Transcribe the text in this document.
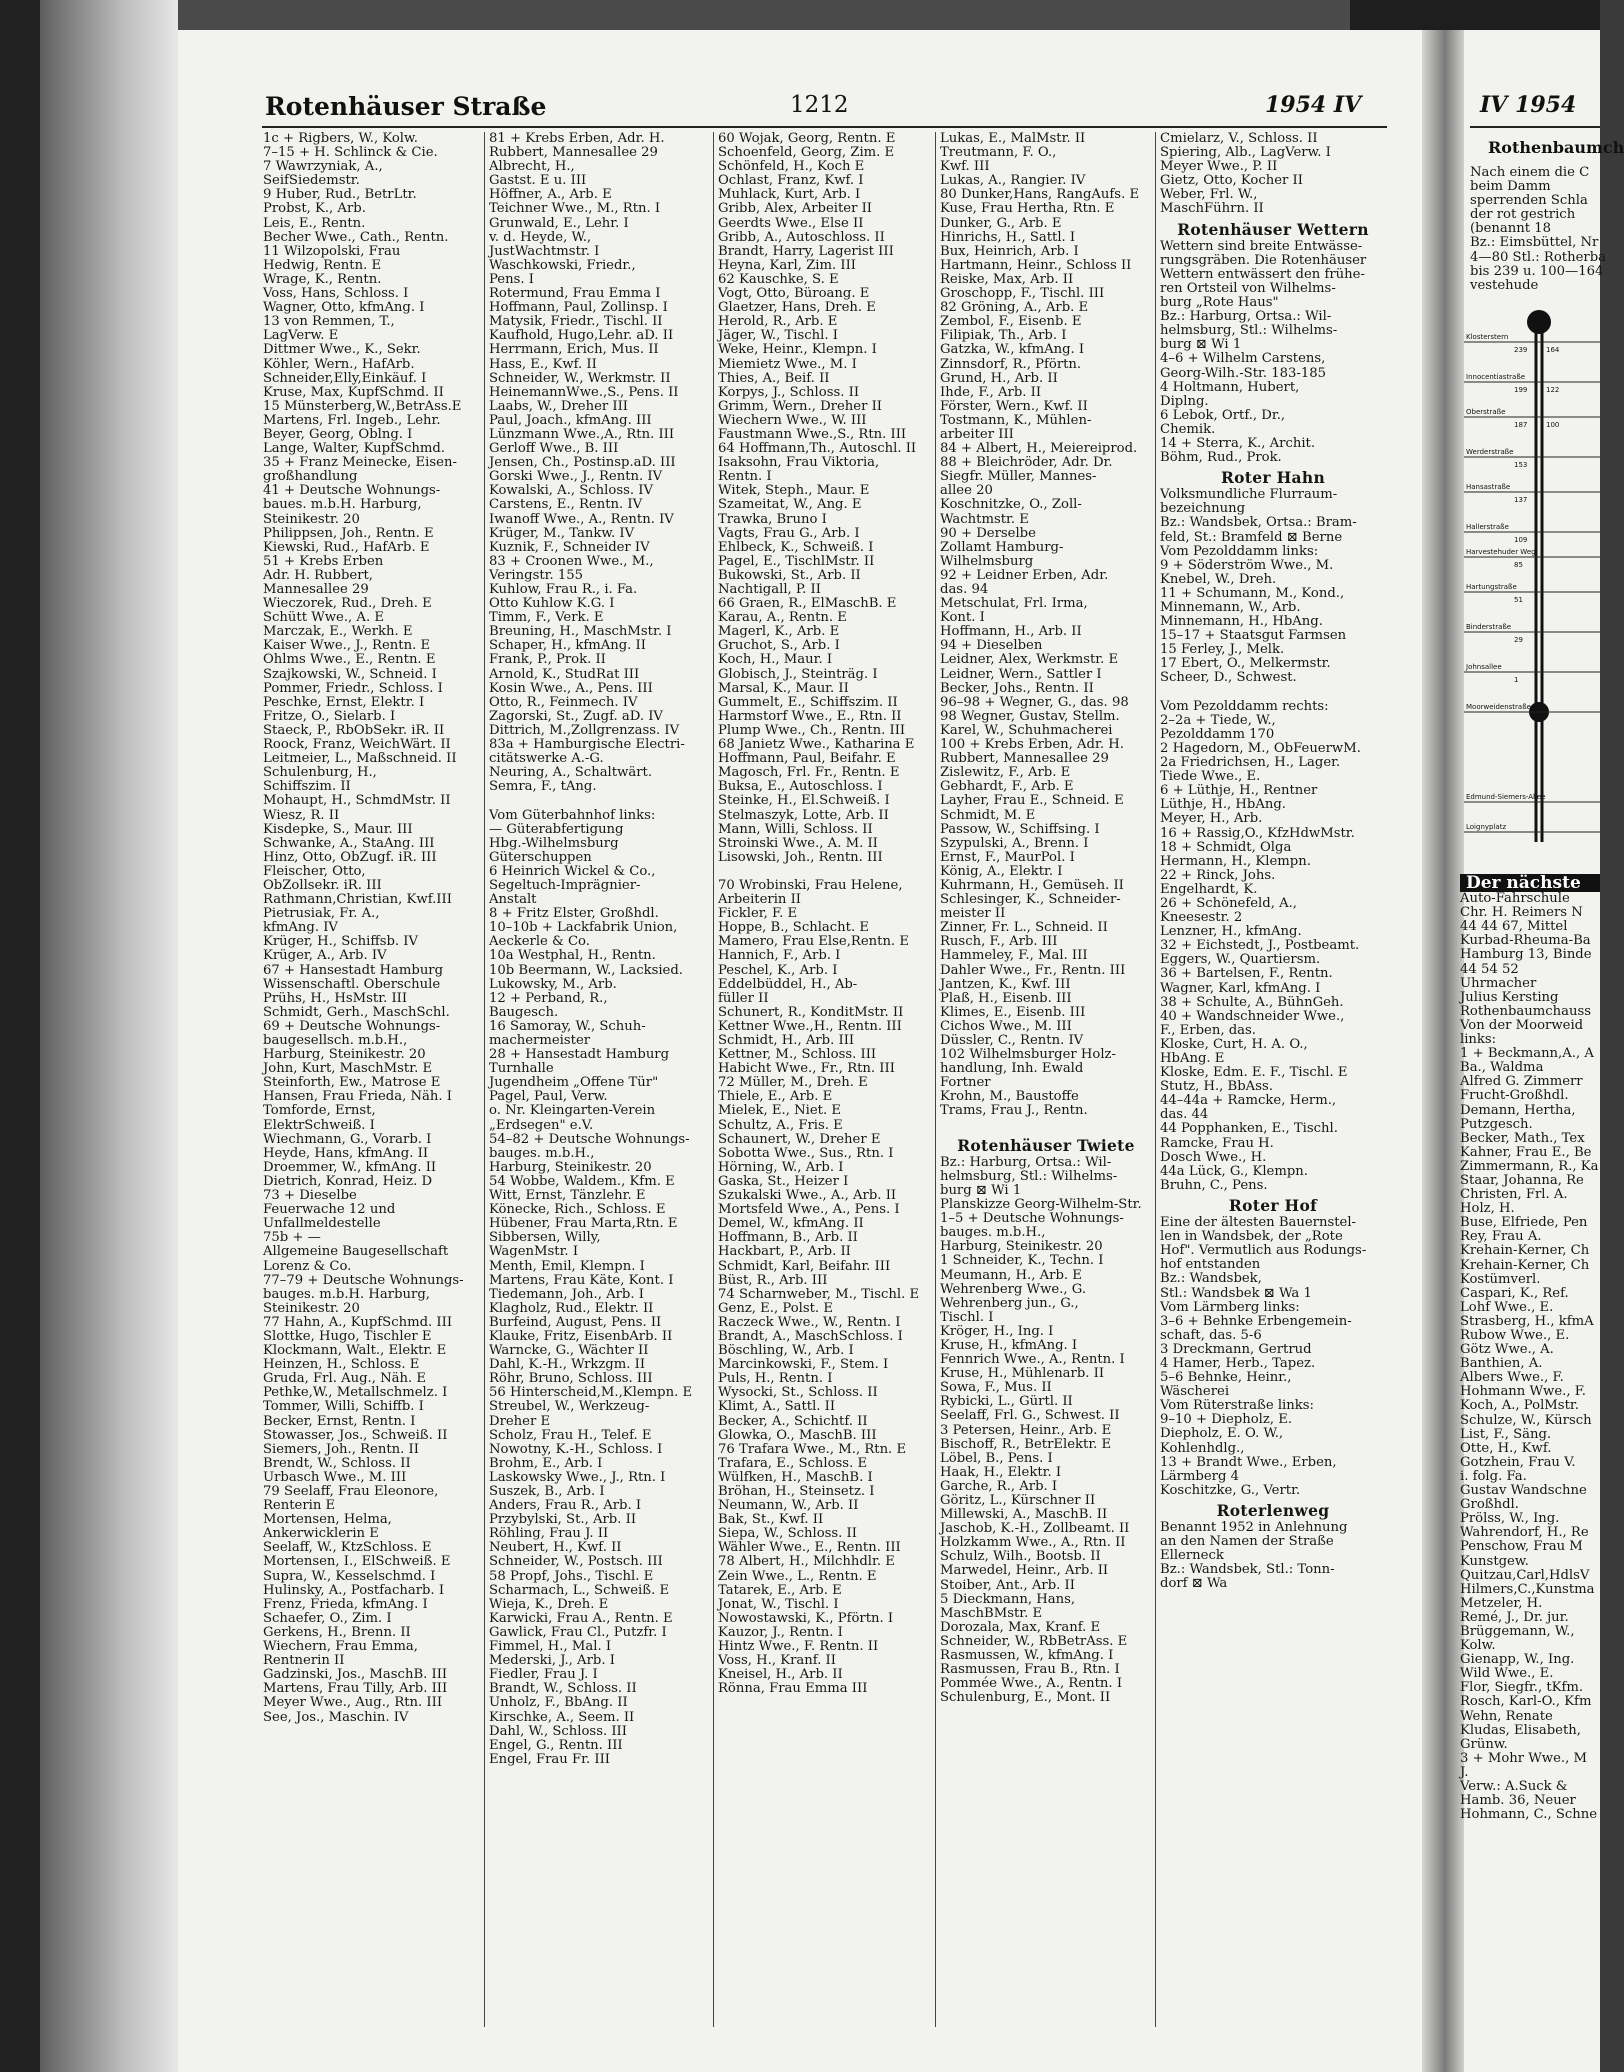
Rotenhäuser Straße	1212	1954 IV	IV 1954
Rothenbaumch
1c + Rigbers, W., Kolw.
7–15 + H. Schlinck & Cie.
7 Wawrzyniak, A.,
SeifSiedemstr.
9 Huber, Rud., BetrLtr.
Probst, K., Arb.
Leis, E., Rentn.
Becher Wwe., Cath., Rentn.
11 Wilzopolski, Frau
Hedwig, Rentn. E
Wrage, K., Rentn.
Voss, Hans, Schloss. I
Wagner, Otto, kfmAng. I
13 von Remmen, T.,
LagVerw. E
Dittmer Wwe., K., Sekr.
Köhler, Wern., HafArb.
Schneider,Elly,Einkäuf. I
Kruse, Max, KupfSchmd. II
15 Münsterberg,W.,BetrAss.E
Martens, Frl. Ingeb., Lehr.
Beyer, Georg, Oblng. I
Lange, Walter, KupfSchmd.
35 + Franz Meinecke, Eisen-
großhandlung
41 + Deutsche Wohnungs-
baues. m.b.H. Harburg,
Steinikestr. 20
Philippsen, Joh., Rentn. E
Kiewski, Rud., HafArb. E
51 + Krebs Erben
Adr. H. Rubbert,
Mannesallee 29
Wieczorek, Rud., Dreh. E
Schütt Wwe., A. E
Marczak, E., Werkh. E
Kaiser Wwe., J., Rentn. E
Ohlms Wwe., E., Rentn. E
Szajkowski, W., Schneid. I
Pommer, Friedr., Schloss. I
Peschke, Ernst, Elektr. I
Fritze, O., Sielarb. I
Staeck, P., RbObSekr. iR. II
Roock, Franz, WeichWärt. II
Leitmeier, L., Maßschneid. II
Schulenburg, H.,
Schiffszim. II
Mohaupt, H., SchmdMstr. II
Wiesz, R. II
Kisdepke, S., Maur. III
Schwanke, A., StaAng. III
Hinz, Otto, ObZugf. iR. III
Fleischer, Otto,
ObZollsekr. iR. III
Rathmann,Christian, Kwf.III
Pietrusiak, Fr. A.,
kfmAng. IV
Krüger, H., Schiffsb. IV
Krüger, A., Arb. IV
67 + Hansestadt Hamburg
Wissenschaftl. Oberschule
Prühs, H., HsMstr. III
Schmidt, Gerh., MaschSchl.
69 + Deutsche Wohnungs-
baugesellsch. m.b.H.,
Harburg, Steinikestr. 20
John, Kurt, MaschMstr. E
Steinforth, Ew., Matrose E
Hansen, Frau Frieda, Näh. I
Tomforde, Ernst,
ElektrSchweiß. I
Wiechmann, G., Vorarb. I
Heyde, Hans, kfmAng. II
Droemmer, W., kfmAng. II
Dietrich, Konrad, Heiz. D
73 + Dieselbe
Feuerwache 12 und
Unfallmeldestelle
75b + —
Allgemeine Baugesellschaft
Lorenz & Co.
77–79 + Deutsche Wohnungs-
bauges. m.b.H. Harburg,
Steinikestr. 20
77 Hahn, A., KupfSchmd. III
Slottke, Hugo, Tischler E
Klockmann, Walt., Elektr. E
Heinzen, H., Schloss. E
Gruda, Frl. Aug., Näh. E
Pethke,W., Metallschmelz. I
Tommer, Willi, Schiffb. I
Becker, Ernst, Rentn. I
Stowasser, Jos., Schweiß. II
Siemers, Joh., Rentn. II
Brendt, W., Schloss. II
Urbasch Wwe., M. III
79 Seelaff, Frau Eleonore,
Renterin E
Mortensen, Helma,
Ankerwicklerin E
Seelaff, W., KtzSchloss. E
Mortensen, I., ElSchweiß. E
Supra, W., Kesselschmd. I
Hulinsky, A., Postfacharb. I
Frenz, Frieda, kfmAng. I
Schaefer, O., Zim. I
Gerkens, H., Brenn. II
Wiechern, Frau Emma,
Rentnerin II
Gadzinski, Jos., MaschB. III
Martens, Frau Tilly, Arb. III
Meyer Wwe., Aug., Rtn. III
See, Jos., Maschin. IV
81 + Krebs Erben, Adr. H.
Rubbert, Mannesallee 29
Albrecht, H.,
Gastst. E u. III
Höffner, A., Arb. E
Teichner Wwe., M., Rtn. I
Grunwald, E., Lehr. I
v. d. Heyde, W.,
JustWachtmstr. I
Waschkowski, Friedr.,
Pens. I
Rotermund, Frau Emma I
Hoffmann, Paul, Zollinsp. I
Matysik, Friedr., Tischl. II
Kaufhold, Hugo,Lehr. aD. II
Herrmann, Erich, Mus. II
Hass, E., Kwf. II
Schneider, W., Werkmstr. II
HeinemannWwe.,S., Pens. II
Laabs, W., Dreher III
Paul, Joach., kfmAng. III
Lünzmann Wwe.,A., Rtn. III
Gerloff Wwe., B. III
Jensen, Ch., Postinsp.aD. III
Gorski Wwe., J., Rentn. IV
Kowalski, A., Schloss. IV
Carstens, E., Rentn. IV
Iwanoff Wwe., A., Rentn. IV
Krüger, M., Tankw. IV
Kuznik, F., Schneider IV
83 + Croonen Wwe., M.,
Veringstr. 155
Kuhlow, Frau R., i. Fa.
Otto Kuhlow K.G. I
Timm, F., Verk. E
Breuning, H., MaschMstr. I
Schaper, H., kfmAng. II
Frank, P., Prok. II
Arnold, K., StudRat III
Kosin Wwe., A., Pens. III
Otto, R., Feinmech. IV
Zagorski, St., Zugf. aD. IV
Dittrich, M.,Zollgrenzass. IV
83a + Hamburgische Electri-
citätswerke A.-G.
Neuring, A., Schaltwärt.
Semra, F., tAng.

Vom Güterbahnhof links:
— Güterabfertigung
Hbg.-Wilhelmsburg
Güterschuppen
6 Heinrich Wickel & Co.,
Segeltuch-Imprägnier-
Anstalt
8 + Fritz Elster, Großhdl.
10–10b + Lackfabrik Union,
Aeckerle & Co.
10a Westphal, H., Rentn.
10b Beermann, W., Lacksied.
Lukowsky, M., Arb.
12 + Perband, R.,
Baugesch.
16 Samoray, W., Schuh-
machermeister
28 + Hansestadt Hamburg
Turnhalle
Jugendheim „Offene Tür"
Pagel, Paul, Verw.
o. Nr. Kleingarten-Verein
„Erdsegen" e.V.
54–82 + Deutsche Wohnungs-
bauges. m.b.H.,
Harburg, Steinikestr. 20
54 Wobbe, Waldem., Kfm. E
Witt, Ernst, Tänzlehr. E
Könecke, Rich., Schloss. E
Hübener, Frau Marta,Rtn. E
Sibbersen, Willy,
WagenMstr. I
Menth, Emil, Klempn. I
Martens, Frau Käte, Kont. I
Tiedemann, Joh., Arb. I
Klagholz, Rud., Elektr. II
Burfeind, August, Pens. II
Klauke, Fritz, EisenbArb. II
Warncke, G., Wächter II
Dahl, K.-H., Wrkzgm. II
Röhr, Bruno, Schloss. III
56 Hinterscheid,M.,Klempn. E
Streubel, W., Werkzeug-
Dreher E
Scholz, Frau H., Telef. E
Nowotny, K.-H., Schloss. I
Brohm, E., Arb. I
Laskowsky Wwe., J., Rtn. I
Suszek, B., Arb. I
Anders, Frau R., Arb. I
Przybylski, St., Arb. II
Röhling, Frau J. II
Neubert, H., Kwf. II
Schneider, W., Postsch. III
58 Propf, Johs., Tischl. E
Scharmach, L., Schweiß. E
Wieja, K., Dreh. E
Karwicki, Frau A., Rentn. E
Gawlick, Frau Cl., Putzfr. I
Fimmel, H., Mal. I
Mederski, J., Arb. I
Fiedler, Frau J. I
Brandt, W., Schloss. II
Unholz, F., BbAng. II
Kirschke, A., Seem. II
Dahl, W., Schloss. III
Engel, G., Rentn. III
Engel, Frau Fr. III
60 Wojak, Georg, Rentn. E
Schoenfeld, Georg, Zim. E
Schönfeld, H., Koch E
Ochlast, Franz, Kwf. I
Muhlack, Kurt, Arb. I
Gribb, Alex, Arbeiter II
Geerdts Wwe., Else II
Gribb, A., Autoschloss. II
Brandt, Harry, Lagerist III
Heyna, Karl, Zim. III
62 Kauschke, S. E
Vogt, Otto, Büroang. E
Glaetzer, Hans, Dreh. E
Herold, R., Arb. E
Jäger, W., Tischl. I
Weke, Heinr., Klempn. I
Miemietz Wwe., M. I
Thies, A., Beif. II
Korpys, J., Schloss. II
Grimm, Wern., Dreher II
Wiechern Wwe., W. III
Faustmann Wwe.,S., Rtn. III
64 Hoffmann,Th., Autoschl. II
Isaksohn, Frau Viktoria,
Rentn. I
Witek, Steph., Maur. E
Szameitat, W., Ang. E
Trawka, Bruno I
Vagts, Frau G., Arb. I
Ehlbeck, K., Schweiß. I
Pagel, E., TischlMstr. II
Bukowski, St., Arb. II
Nachtigall, P. II
66 Graen, R., ElMaschB. E
Karau, A., Rentn. E
Magerl, K., Arb. E
Gruchot, S., Arb. I
Koch, H., Maur. I
Globisch, J., Steinträg. I
Marsal, K., Maur. II
Gummelt, E., Schiffszim. II
Harmstorf Wwe., E., Rtn. II
Plump Wwe., Ch., Rentn. III
68 Janietz Wwe., Katharina E
Hoffmann, Paul, Beifahr. E
Magosch, Frl. Fr., Rentn. E
Buksa, E., Autoschloss. I
Steinke, H., El.Schweiß. I
Stelmaszyk, Lotte, Arb. II
Mann, Willi, Schloss. II
Stroinski Wwe., A. M. II
Lisowski, Joh., Rentn. III

70 Wrobinski, Frau Helene,
Arbeiterin II
Fickler, F. E
Hoppe, B., Schlacht. E
Mamero, Frau Else,Rentn. E
Hannich, F., Arb. I
Peschel, K., Arb. I
Eddelbüddel, H., Ab-
füller II
Schunert, R., KonditMstr. II
Kettner Wwe.,H., Rentn. III
Schmidt, H., Arb. III
Kettner, M., Schloss. III
Habicht Wwe., Fr., Rtn. III
72 Müller, M., Dreh. E
Thiele, E., Arb. E
Mielek, E., Niet. E
Schultz, A., Fris. E
Schaunert, W., Dreher E
Sobotta Wwe., Sus., Rtn. I
Hörning, W., Arb. I
Gaska, St., Heizer I
Szukalski Wwe., A., Arb. II
Mortsfeld Wwe., A., Pens. I
Demel, W., kfmAng. II
Hoffmann, B., Arb. II
Hackbart, P., Arb. II
Schmidt, Karl, Beifahr. III
Büst, R., Arb. III
74 Scharnweber, M., Tischl. E
Genz, E., Polst. E
Raczeck Wwe., W., Rentn. I
Brandt, A., MaschSchloss. I
Böschling, W., Arb. I
Marcinkowski, F., Stem. I
Puls, H., Rentn. I
Wysocki, St., Schloss. II
Klimt, A., Sattl. II
Becker, A., Schichtf. II
Glowka, O., MaschB. III
76 Trafara Wwe., M., Rtn. E
Trafara, E., Schloss. E
Wülfken, H., MaschB. I
Bröhan, H., Steinsetz. I
Neumann, W., Arb. II
Bak, St., Kwf. II
Siepa, W., Schloss. II
Wähler Wwe., E., Rentn. III
78 Albert, H., Milchhdlr. E
Zein Wwe., L., Rentn. E
Tatarek, E., Arb. E
Jonat, W., Tischl. I
Nowostawski, K., Pförtn. I
Kauzor, J., Rentn. I
Hintz Wwe., F. Rentn. II
Voss, H., Kranf. II
Kneisel, H., Arb. II
Rönna, Frau Emma III
Lukas, E., MalMstr. II
Treutmann, F. O.,
Kwf. III
Lukas, A., Rangier. IV
80 Dunker,Hans, RangAufs. E
Kuse, Frau Hertha, Rtn. E
Dunker, G., Arb. E
Hinrichs, H., Sattl. I
Bux, Heinrich, Arb. I
Hartmann, Heinr., Schloss II
Reiske, Max, Arb. II
Groschopp, F., Tischl. III
82 Gröning, A., Arb. E
Zembol, F., Eisenb. E
Filipiak, Th., Arb. I
Gatzka, W., kfmAng. I
Zinnsdorf, R., Pförtn.
Grund, H., Arb. II
Ihde, F., Arb. II
Förster, Wern., Kwf. II
Tostmann, K., Mühlen-
arbeiter III
84 + Albert, H., Meiereiprod.
88 + Bleichröder, Adr. Dr.
Siegfr. Müller, Mannes-
allee 20
Koschnitzke, O., Zoll-
Wachtmstr. E
90 + Derselbe
Zollamt Hamburg-
Wilhelmsburg
92 + Leidner Erben, Adr.
das. 94
Metschulat, Frl. Irma,
Kont. I
Hoffmann, H., Arb. II
94 + Dieselben
Leidner, Alex, Werkmstr. E
Leidner, Wern., Sattler I
Becker, Johs., Rentn. II
96–98 + Wegner, G., das. 98
98 Wegner, Gustav, Stellm.
Karel, W., Schuhmacherei
100 + Krebs Erben, Adr. H.
Rubbert, Mannesallee 29
Zislewitz, F., Arb. E
Gebhardt, F., Arb. E
Layher, Frau E., Schneid. E
Schmidt, M. E
Passow, W., Schiffsing. I
Szypulski, A., Brenn. I
Ernst, F., MaurPol. I
König, A., Elektr. I
Kuhrmann, H., Gemüseh. II
Schlesinger, K., Schneider-
meister II
Zinner, Fr. L., Schneid. II
Rusch, F., Arb. III
Hammeley, F., Mal. III
Dahler Wwe., Fr., Rentn. III
Jantzen, K., Kwf. III
Plaß, H., Eisenb. III
Klimes, E., Eisenb. III
Cichos Wwe., M. III
Düssler, C., Rentn. IV
102 Wilhelmsburger Holz-
handlung, Inh. Ewald
Fortner
Krohn, M., Baustoffe
Trams, Frau J., Rentn.

Rotenhäuser Twiete
Bz.: Harburg, Ortsa.: Wil-
helmsburg, Stl.: Wilhelms-
burg ⊠ Wi 1
Planskizze Georg-Wilhelm-Str.
1–5 + Deutsche Wohnungs-
bauges. m.b.H.,
Harburg, Steinikestr. 20
1 Schneider, K., Techn. I
Meumann, H., Arb. E
Wehrenberg Wwe., G.
Wehrenberg jun., G.,
Tischl. I
Kröger, H., Ing. I
Kruse, H., kfmAng. I
Fennrich Wwe., A., Rentn. I
Kruse, H., Mühlenarb. II
Sowa, F., Mus. II
Rybicki, L., Gürtl. II
Seelaff, Frl. G., Schwest. II
3 Petersen, Heinr., Arb. E
Bischoff, R., BetrElektr. E
Löbel, B., Pens. I
Haak, H., Elektr. I
Garche, R., Arb. I
Göritz, L., Kürschner II
Millewski, A., MaschB. II
Jaschob, K.-H., Zollbeamt. II
Holzkamm Wwe., A., Rtn. II
Schulz, Wilh., Bootsb. II
Marwedel, Heinr., Arb. II
Stoiber, Ant., Arb. II
5 Dieckmann, Hans,
MaschBMstr. E
Dorozala, Max, Kranf. E
Schneider, W., RbBetrAss. E
Rasmussen, W., kfmAng. I
Rasmussen, Frau B., Rtn. I
Pommée Wwe., A., Rentn. I
Schulenburg, E., Mont. II
Cmielarz, V., Schloss. II
Spiering, Alb., LagVerw. I
Meyer Wwe., P. II
Gietz, Otto, Kocher II
Weber, Frl. W.,
MaschFührn. II
Rotenhäuser Wettern
Wettern sind breite Entwässe-
rungsgräben. Die Rotenhäuser
Wettern entwässert den frühe-
ren Ortsteil von Wilhelms-
burg „Rote Haus"
Bz.: Harburg, Ortsa.: Wil-
helmsburg, Stl.: Wilhelms-
burg ⊠ Wi 1
4–6 + Wilhelm Carstens,
Georg-Wilh.-Str. 183-185
4 Holtmann, Hubert,
Diplng.
6 Lebok, Ortf., Dr.,
Chemik.
14 + Sterra, K., Archit.
Böhm, Rud., Prok.
Roter Hahn
Volksmundliche Flurraum-
bezeichnung
Bz.: Wandsbek, Ortsa.: Bram-
feld, St.: Bramfeld ⊠ Berne
Vom Pezolddamm links:
9 + Söderström Wwe., M.
Knebel, W., Dreh.
11 + Schumann, M., Kond.,
Minnemann, W., Arb.
Minnemann, H., HbAng.
15–17 + Staatsgut Farmsen
15 Ferley, J., Melk.
17 Ebert, O., Melkermstr.
Scheer, D., Schwest.

Vom Pezolddamm rechts:
2–2a + Tiede, W.,
Pezolddamm 170
2 Hagedorn, M., ObFeuerwM.
2a Friedrichsen, H., Lager.
Tiede Wwe., E.
6 + Lüthje, H., Rentner
Lüthje, H., HbAng.
Meyer, H., Arb.
16 + Rassig,O., KfzHdwMstr.
18 + Schmidt, Olga
Hermann, H., Klempn.
22 + Rinck, Johs.
Engelhardt, K.
26 + Schönefeld, A.,
Kneesestr. 2
Lenzner, H., kfmAng.
32 + Eichstedt, J., Postbeamt.
Eggers, W., Quartiersm.
36 + Bartelsen, F., Rentn.
Wagner, Karl, kfmAng. I
38 + Schulte, A., BühnGeh.
40 + Wandschneider Wwe.,
F., Erben, das.
Kloske, Curt, H. A. O.,
HbAng. E
Kloske, Edm. E. F., Tischl. E
Stutz, H., BbAss.
44–44a + Ramcke, Herm.,
das. 44
44 Popphanken, E., Tischl.
Ramcke, Frau H.
Dosch Wwe., H.
44a Lück, G., Klempn.
Bruhn, C., Pens.
Roter Hof
Eine der ältesten Bauernstel-
len in Wandsbek, der „Rote
Hof". Vermutlich aus Rodungs-
hof entstanden
Bz.: Wandsbek,
Stl.: Wandsbek ⊠ Wa 1
Vom Lärmberg links:
3–6 + Behnke Erbengemein-
schaft, das. 5-6
3 Dreckmann, Gertrud
4 Hamer, Herb., Tapez.
5–6 Behnke, Heinr.,
Wäscherei
Vom Rüterstraße links:
9–10 + Diepholz, E.
Diepholz, E. O. W.,
Kohlenhdlg.,
13 + Brandt Wwe., Erben,
Lärmberg 4
Koschitzke, G., Vertr.
Roterlenweg
Benannt 1952 in Anlehnung
an den Namen der Straße
Ellerneck
Bz.: Wandsbek, Stl.: Tonn-
dorf ⊠ Wa
Nach einem die C
beim Damm
sperrenden Schla
der rot gestrich
(benannt 18
Bz.: Eimsbüttel, Nr
4—80 Stl.: Rotherba
bis 239 u. 100—164
vestehude
Der nächste
Auto-Fahrschule
Chr. H. Reimers N
44 44 67, Mittel
Kurbad-Rheuma-Ba
Hamburg 13, Binde
44 54 52
Uhrmacher
Julius Kersting
Rothenbaumchauss
Von der Moorweid
links:
1 + Beckmann,A., A
Ba., Waldma
Alfred G. Zimmerr
Frucht-Großhdl.
Demann, Hertha,
Putzgesch.
Becker, Math., Tex
Kahner, Frau E., Be
Zimmermann, R., Ka
Staar, Johanna, Re
Christen, Frl. A.
Holz, H.
Buse, Elfriede, Pen
Rey, Frau A.
Krehain-Kerner, Ch
Krehain-Kerner, Ch
Kostümverl.
Caspari, K., Ref.
Lohf Wwe., E.
Strasberg, H., kfmA
Rubow Wwe., E.
Götz Wwe., A.
Banthien, A.
Albers Wwe., F.
Hohmann Wwe., F.
Koch, A., PolMstr.
Schulze, W., Kürsch
List, F., Säng.
Otte, H., Kwf.
Gotzhein, Frau V.
i. folg. Fa.
Gustav Wandschne
Großhdl.
Prölss, W., Ing.
Wahrendorf, H., Re
Penschow, Frau M
Kunstgew.
Quitzau,Carl,HdlsV
Hilmers,C.,Kunstma
Metzeler, H.
Remé, J., Dr. jur.
Brüggemann, W.,
Kolw.
Gienapp, W., Ing.
Wild Wwe., E.
Flor, Siegfr., tKfm.
Rosch, Karl-O., Kfm
Wehn, Renate
Kludas, Elisabeth,
Grünw.
3 + Mohr Wwe., M
J.
Verw.: A.Suck &
Hamb. 36, Neuer
Hohmann, C., Schne
Klosterstern
Innocentiastraße
Oberstraße
Werderstraße
Hansastraße
Hallerstraße
Harvestehuder Weg
Hartungstraße
Binderstraße
Johnsallee
Moorweidenstraße
Edmund-Siemers-Allee
Loignyplatz
239
199
187
153
137
109
85
51
29
1
164
122
100
